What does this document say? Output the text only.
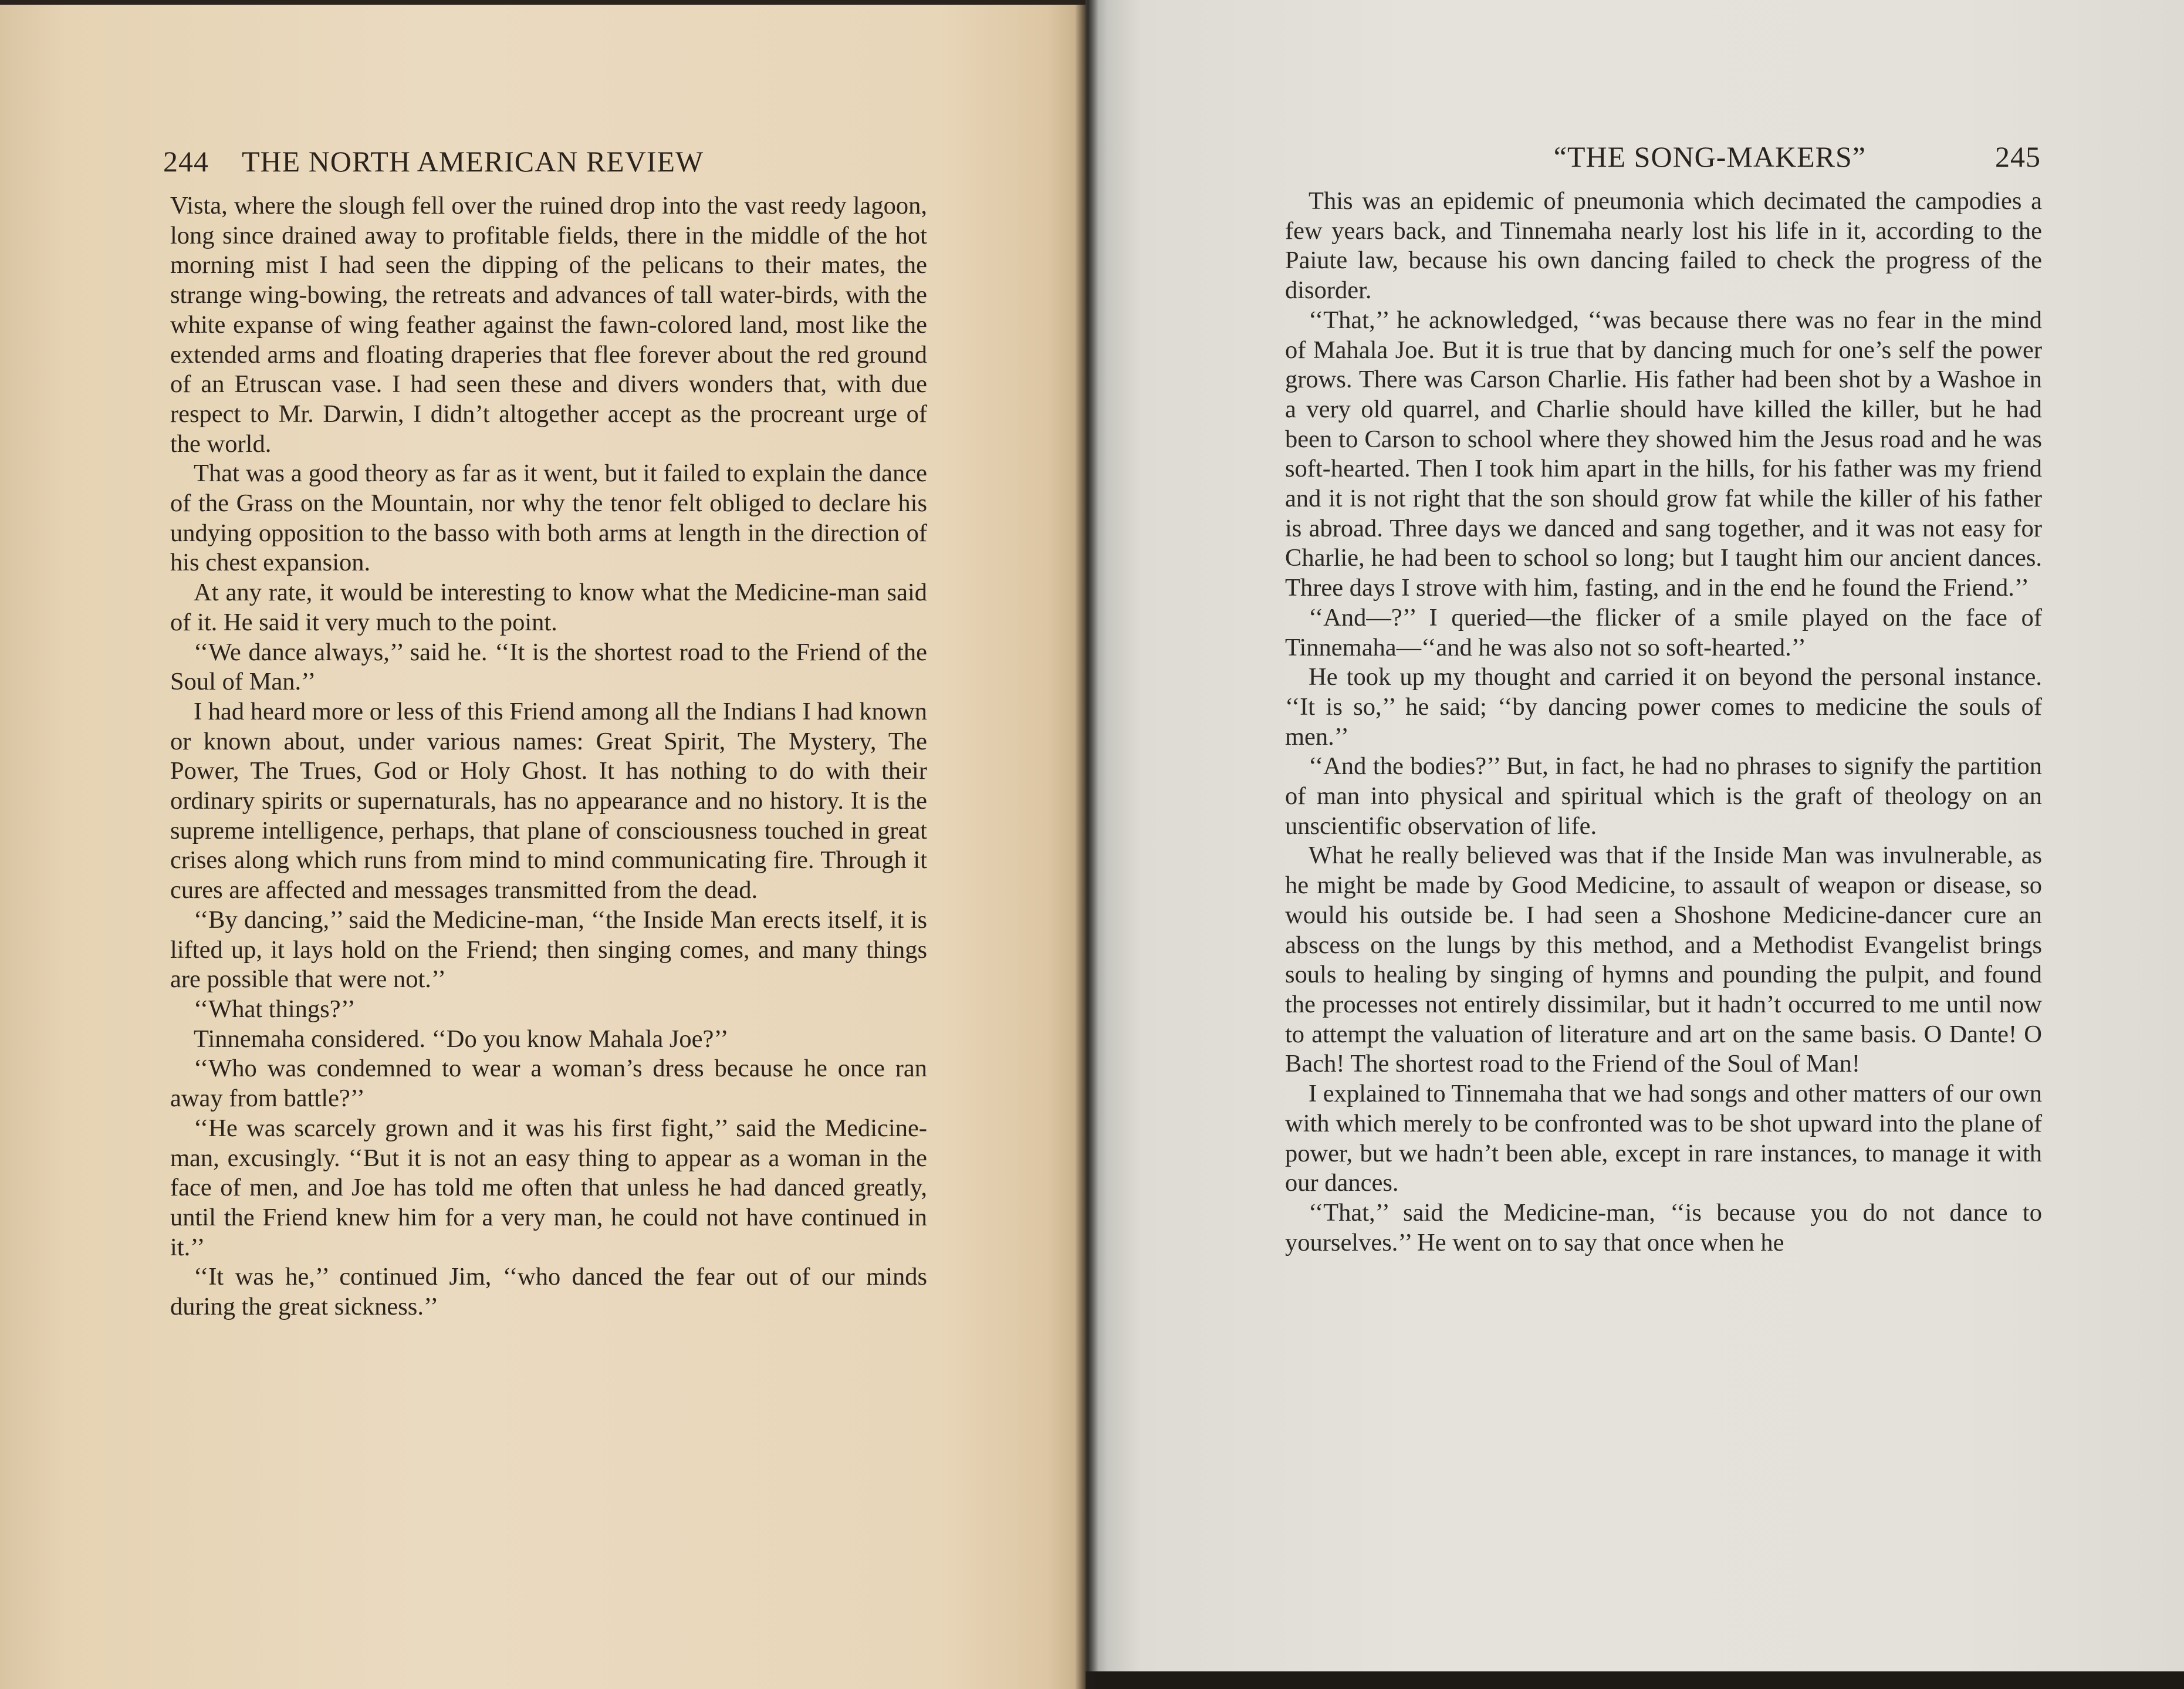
244 THE NORTH AMERICAN REVIEW

Vista, where the slough fell over the ruined drop into the vast reedy lagoon, long since drained away to profitable fields, there in the middle of the hot morning mist I had seen the dipping of the pelicans to their mates, the strange wing-bowing, the retreats and advances of tall water-birds, with the white expanse of wing feather against the fawn-colored land, most like the extended arms and floating draperies that flee forever about the red ground of an Etruscan vase. I had seen these and divers wonders that, with due respect to Mr. Darwin, I didn’t altogether accept as the procreant urge of the world.

That was a good theory as far as it went, but it failed to explain the dance of the Grass on the Mountain, nor why the tenor felt obliged to declare his undying opposition to the basso with both arms at length in the direction of his chest expansion.

At any rate, it would be interesting to know what the Medicine-man said of it. He said it very much to the point.

‘‘We dance always,’’ said he. ‘‘It is the shortest road to the Friend of the Soul of Man.’’

I had heard more or less of this Friend among all the Indians I had known or known about, under various names: Great Spirit, The Mystery, The Power, The Trues, God or Holy Ghost. It has nothing to do with their ordinary spirits or supernaturals, has no appearance and no history. It is the supreme intelligence, perhaps, that plane of consciousness touched in great crises along which runs from mind to mind communicating fire. Through it cures are affected and messages transmitted from the dead.

‘‘By dancing,’’ said the Medicine-man, ‘‘the Inside Man erects itself, it is lifted up, it lays hold on the Friend; then singing comes, and many things are possible that were not.’’

‘‘What things?’’

Tinnemaha considered. ‘‘Do you know Mahala Joe?’’

‘‘Who was condemned to wear a woman’s dress because he once ran away from battle?’’

‘‘He was scarcely grown and it was his first fight,’’ said the Medicine-man, excusingly. ‘‘But it is not an easy thing to appear as a woman in the face of men, and Joe has told me often that unless he had danced greatly, until the Friend knew him for a very man, he could not have continued in it.’’

‘‘It was he,’’ continued Jim, ‘‘who danced the fear out of our minds during the great sickness.’’

“THE SONG-MAKERS”	245

This was an epidemic of pneumonia which decimated the campodies a few years back, and Tinnemaha nearly lost his life in it, according to the Paiute law, because his own dancing failed to check the progress of the disorder.

‘‘That,’’ he acknowledged, ‘‘was because there was no fear in the mind of Mahala Joe. But it is true that by dancing much for one’s self the power grows. There was Carson Charlie. His father had been shot by a Washoe in a very old quarrel, and Charlie should have killed the killer, but he had been to Carson to school where they showed him the Jesus road and he was soft-hearted. Then I took him apart in the hills, for his father was my friend and it is not right that the son should grow fat while the killer of his father is abroad. Three days we danced and sang together, and it was not easy for Charlie, he had been to school so long; but I taught him our ancient dances. Three days I strove with him, fasting, and in the end he found the Friend.’’

‘‘And—?’’ I queried—the flicker of a smile played on the face of Tinnemaha—‘‘and he was also not so soft-hearted.’’

He took up my thought and carried it on beyond the personal instance. ‘‘It is so,’’ he said; ‘‘by dancing power comes to medicine the souls of men.’’

‘‘And the bodies?’’ But, in fact, he had no phrases to signify the partition of man into physical and spiritual which is the graft of theology on an unscientific observation of life.

What he really believed was that if the Inside Man was invulnerable, as he might be made by Good Medicine, to assault of weapon or disease, so would his outside be. I had seen a Shoshone Medicine-dancer cure an abscess on the lungs by this method, and a Methodist Evangelist brings souls to healing by singing of hymns and pounding the pulpit, and found the processes not entirely dissimilar, but it hadn’t occurred to me until now to attempt the valuation of literature and art on the same basis. O Dante! O Bach! The shortest road to the Friend of the Soul of Man!

I explained to Tinnemaha that we had songs and other matters of our own with which merely to be confronted was to be shot upward into the plane of power, but we hadn’t been able, except in rare instances, to manage it with our dances.

‘‘That,’’ said the Medicine-man, ‘‘is because you do not dance to yourselves.’’ He went on to say that once when he
